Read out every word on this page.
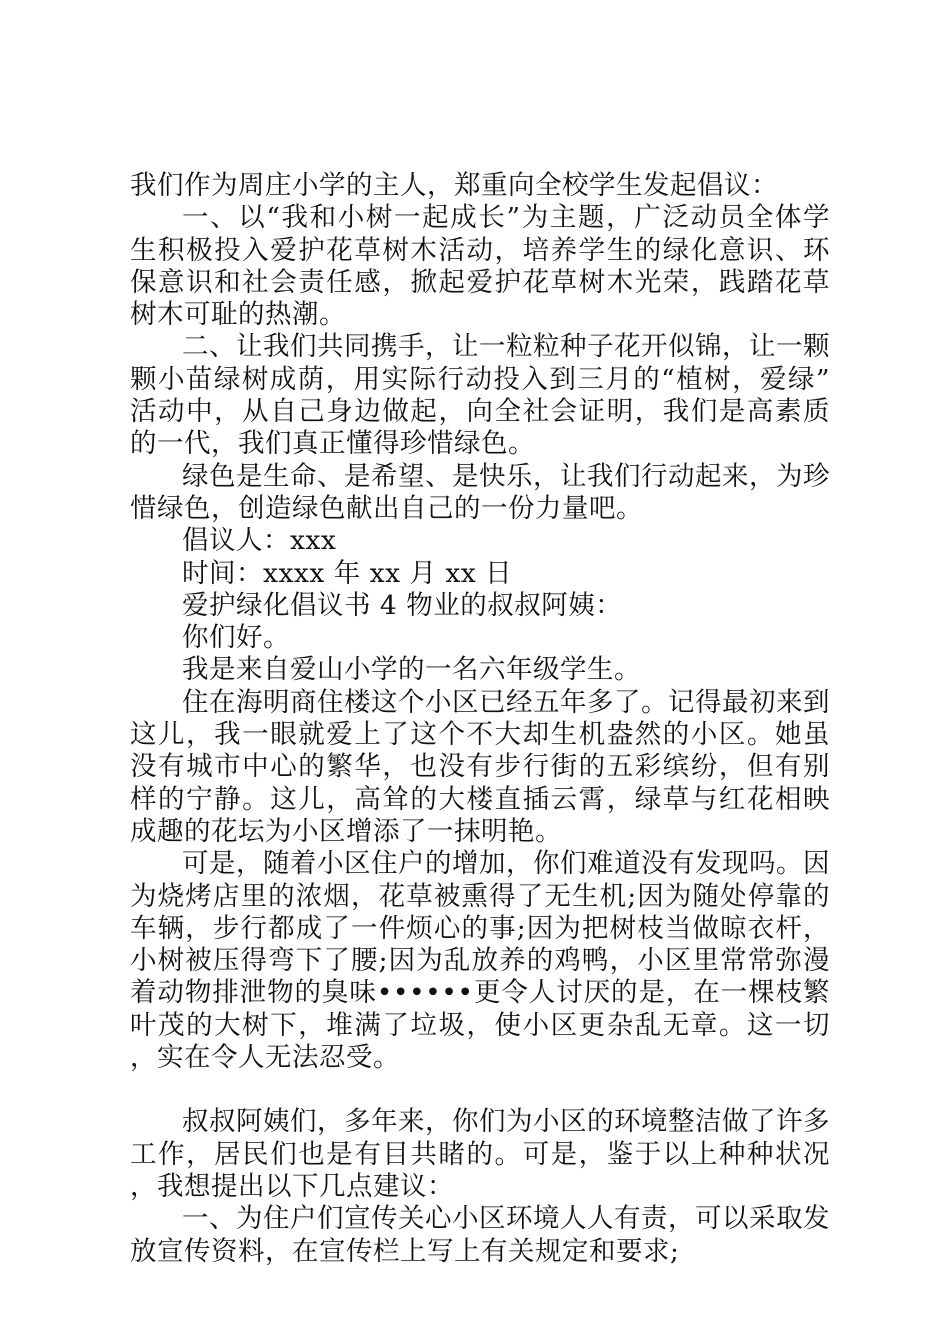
我们作为周庄小学的主人，郑重向全校学生发起倡议：

一、以“我和小树一起成长”为主题，广泛动员全体学生积极投入爱护花草树木活动，培养学生的绿化意识、环保意识和社会责任感，掀起爱护花草树木光荣，践踏花草树木可耻的热潮。

二、让我们共同携手，让一粒粒种子花开似锦，让一颗颗小苗绿树成荫，用实际行动投入到三月的“植树，爱绿”活动中，从自己身边做起，向全社会证明，我们是高素质的一代，我们真正懂得珍惜绿色。

绿色是生命、是希望、是快乐，让我们行动起来，为珍惜绿色，创造绿色献出自己的一份力量吧。

倡议人：xxx

时间：xxxx 年 xx 月 xx 日

爱护绿化倡议书 4 物业的叔叔阿姨：

你们好。

我是来自爱山小学的一名六年级学生。

住在海明商住楼这个小区已经五年多了。记得最初来到这儿，我一眼就爱上了这个不大却生机盎然的小区。她虽没有城市中心的繁华，也没有步行街的五彩缤纷，但有别样的宁静。这儿，高耸的大楼直插云霄，绿草与红花相映成趣的花坛为小区增添了一抹明艳。

可是，随着小区住户的增加，你们难道没有发现吗。因为烧烤店里的浓烟，花草被熏得了无生机;因为随处停靠的车辆，步行都成了一件烦心的事;因为把树枝当做晾衣杆，小树被压得弯下了腰;因为乱放养的鸡鸭，小区里常常弥漫着动物排泄物的臭味••••••更令人讨厌的是，在一棵枝繁叶茂的大树下，堆满了垃圾，使小区更杂乱无章。这一切，实在令人无法忍受。

叔叔阿姨们，多年来，你们为小区的环境整洁做了许多工作，居民们也是有目共睹的。可是，鉴于以上种种状况，我想提出以下几点建议：

一、为住户们宣传关心小区环境人人有责，可以采取发放宣传资料，在宣传栏上写上有关规定和要求;
